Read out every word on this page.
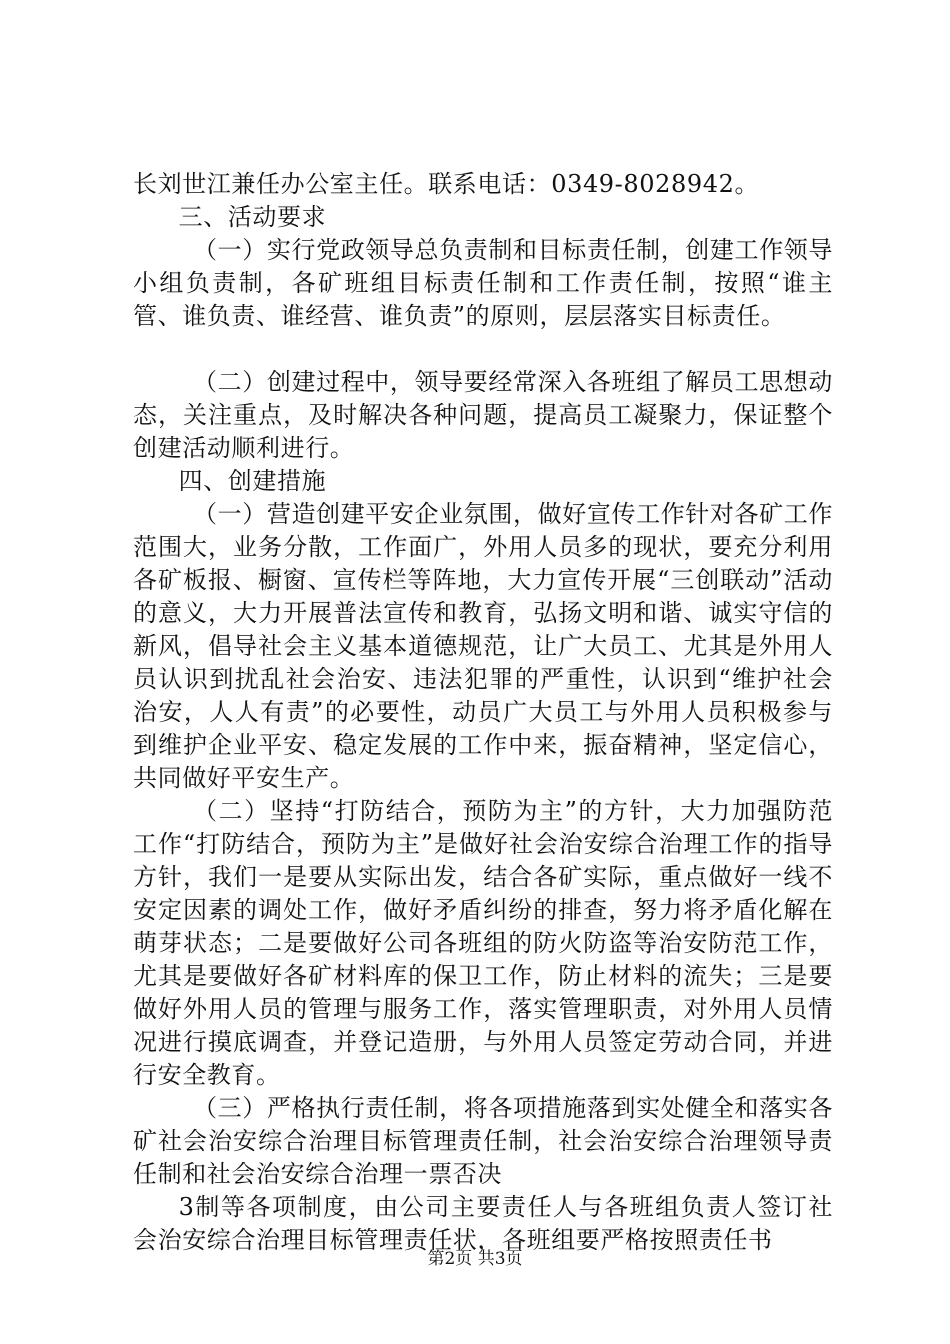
长刘世江兼任办公室主任。联系电话：0349-8028942。

三、活动要求

（一）实行党政领导总负责制和目标责任制，创建工作领导小组负责制，各矿班组目标责任制和工作责任制，按照“谁主管、谁负责、谁经营、谁负责”的原则，层层落实目标责任。

（二）创建过程中，领导要经常深入各班组了解员工思想动态，关注重点，及时解决各种问题，提高员工凝聚力，保证整个创建活动顺利进行。

四、创建措施

（一）营造创建平安企业氛围，做好宣传工作针对各矿工作范围大，业务分散，工作面广，外用人员多的现状，要充分利用各矿板报、橱窗、宣传栏等阵地，大力宣传开展“三创联动”活动的意义，大力开展普法宣传和教育，弘扬文明和谐、诚实守信的新风，倡导社会主义基本道德规范，让广大员工、尤其是外用人员认识到扰乱社会治安、违法犯罪的严重性，认识到“维护社会治安，人人有责”的必要性，动员广大员工与外用人员积极参与到维护企业平安、稳定发展的工作中来，振奋精神，坚定信心，共同做好平安生产。

（二）坚持“打防结合，预防为主”的方针，大力加强防范工作“打防结合，预防为主”是做好社会治安综合治理工作的指导方针，我们一是要从实际出发，结合各矿实际，重点做好一线不安定因素的调处工作，做好矛盾纠纷的排查，努力将矛盾化解在萌芽状态；二是要做好公司各班组的防火防盗等治安防范工作，尤其是要做好各矿材料库的保卫工作，防止材料的流失；三是要做好外用人员的管理与服务工作，落实管理职责，对外用人员情况进行摸底调查，并登记造册，与外用人员签定劳动合同，并进行安全教育。

（三）严格执行责任制，将各项措施落到实处健全和落实各矿社会治安综合治理目标管理责任制，社会治安综合治理领导责任制和社会治安综合治理一票否决

3制等各项制度，由公司主要责任人与各班组负责人签订社会治安综合治理目标管理责任状，各班组要严格按照责任书

第2页 共3页
